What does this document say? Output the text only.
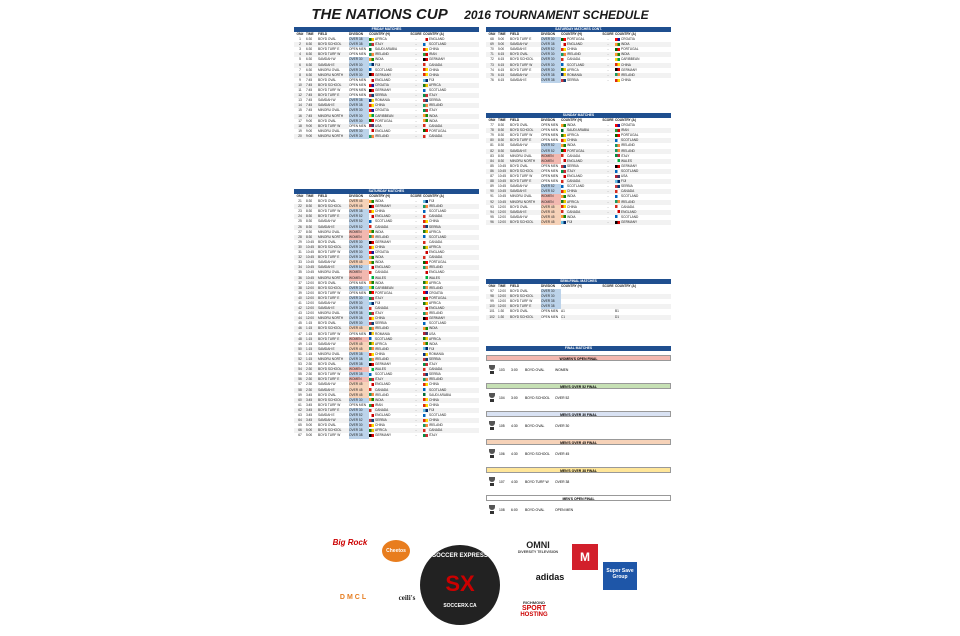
THE NATIONS CUP 2016 TOURNAMENT SCHEDULE
FRIDAY MATCHES
GM# TIME	FIELD	DIVISION	COUNTRY (H)	SCORE COUNTRY (A)
1	6:30	BOYD OVAL	OVER 38	AFRICA	-	ENGLAND
2	6:30	BOYD SCHOOL	OVER 38	ITALY	-	SCOTLAND
3	6:30	BOYD TURF E	OPEN MEN	SAUDI ARABIA	-	CHINA
4	6:30	BOYD TURF W	OPEN MEN	IRELAND	-	IRAN
5	6:30	SAMDAH W	OVER 30	INDIA	-	GERMANY
6	6:30	SAMDAH E	OVER 30	FIJI	-	CANADA
7	6:30	MINORU OVAL	OVER 30	SCOTLAND	-	CHINA
8	6:30	MINORU NORTH	OVER 30	GERMANY	-	CHINA
9	7:45	BOYD OVAL	OPEN MEN	ENGLAND	-	FIJI
10	7:45	BOYD SCHOOL	OPEN MEN	CROATIA	-	AFRICA
11	7:45	BOYD TURF W	OPEN MEN	GERMANY	-	SCOTLAND
12	7:45	BOYD TURF E	OPEN MEN	SERBIA	-	ITALY
13	7:45	SAMDAH W	OVER 38	ROMANIA	-	SERBIA
14	7:45	SAMDAH E	OVER 38	CHINA	-	IRELAND
15	7:45	MINORU OVAL	OVER 30	CROATIA	-	ITALY
16	7:45	MINORU NORTH	OVER 30	CARIBBEAN	-	INDIA
17	9:00	BOYD OVAL	OVER 30	PORTUGAL	-	INDIA
18	9:00	BOYD TURF W	OPEN MEN	USA	-	CANADA
19	9:00	MINORU OVAL	OVER 30	ENGLAND	-	PORTUGAL
20	9:00	MINORU NORTH	OVER 30	IRELAND	-	CANADA
SATURDAY MATCHES
GM# TIME	FIELD	DIVISION	COUNTRY (H)	SCORE COUNTRY (A)
21	8:30	BOYD OVAL	OVER 45	INDIA	-	FIJI
22	8:30	BOYD SCHOOL	OVER 45	GERMANY	-	IRELAND
23	8:30	BOYD TURF W	OVER 38	CHINA	-	SCOTLAND
24	8:30	BOYD TURF E	OVER 52	ENGLAND	-	CANADA
25	8:30	SAMDAH W	OVER 52	SCOTLAND	-	CHINA
26	8:30	SAMDAH E	OVER 52	CANADA	-	SERBIA
27	8:30	MINORU OVAL	WOMEN	INDIA	-	AFRICA
28	8:30	MINORU NORTH	WOMEN	IRELAND	-	SCOTLAND
29	10:45	BOYD OVAL	OVER 30	GERMANY	-	CANADA
30	10:45	BOYD SCHOOL	OVER 30	CHINA	-	AFRICA
31	10:45	BOYD TURF W	OVER 30	CROATIA	-	ENGLAND
32	10:45	BOYD TURF E	OVER 30	INDIA	-	CANADA
33	10:45	SAMDAH W	OVER 45	INDIA	-	PORTUGAL
34	10:45	SAMDAH E	OVER 52	ENGLAND	-	IRELAND
35	10:45	MINORU OVAL	WOMEN	CANADA	-	ENGLAND
36	10:45	MINORU NORTH	WOMEN	WALES	-	WALES
37	12:00	BOYD OVAL	OPEN MEN	INDIA	-	AFRICA
38	12:00	BOYD SCHOOL	OVER 30	CARIBBEAN	-	IRELAND
39	12:00	BOYD TURF W	OPEN MEN	PORTUGAL	-	CROATIA
40	12:00	BOYD TURF E	OVER 30	ITALY	-	PORTUGAL
41	12:00	SAMDAH W	OVER 30	FIJI	-	AFRICA
42	12:00	SAMDAH E	OVER 38	CANADA	-	ENGLAND
43	12:00	MINORU OVAL	OVER 38	ITALY	-	IRELAND
44	12:00	MINORU NORTH	OVER 38	CHINA	-	GERMANY
45	1:15	BOYD OVAL	OVER 30	SERBIA	-	SCOTLAND
46	1:15	BOYD SCHOOL	OVER 45	IRELAND	-	INDIA
47	1:15	BOYD TURF W	OPEN MEN	ROMANIA	-	USA
48	1:15	BOYD TURF E	WOMEN	SCOTLAND	-	AFRICA
49	1:15	SAMDAH W	OVER 45	AFRICA	-	INDIA
50	1:15	SAMDAH E	OVER 45	IRELAND	-	FIJI
51	1:15	MINORU OVAL	OVER 38	CHINA	-	ROMANIA
52	1:15	MINORU NORTH	OVER 38	IRELAND	-	SERBIA
53	2:30	BOYD OVAL	OVER 38	GERMANY	-	ITALY
54	2:30	BOYD SCHOOL	WOMEN	WALES	-	CANADA
55	2:30	BOYD TURF W	OVER 38	SCOTLAND	-	SERBIA
56	2:30	BOYD TURF E	WOMEN	ITALY	-	IRELAND
57	2:30	SAMDAH W	OVER 45	ENGLAND	-	CHINA
58	2:30	SAMDAH E	OVER 45	CANADA	-	SCOTLAND
59	3:45	BOYD OVAL	OVER 45	IRELAND	-	SAUDI ARABIA
60	3:45	BOYD SCHOOL	OVER 30	INDIA	-	CHINA
61	3:45	BOYD TURF W	OPEN MEN	IRAN	-	CHINA
62	3:45	BOYD TURF E	OVER 30	CANADA	-	FIJI
63	3:45	SAMDAH E	OVER 52	ENGLAND	-	SCOTLAND
64	3:45	SAMDAH W	OVER 52	SERBIA	-	CHINA
65	5:00	BOYD OVAL	OVER 30	CHINA	-	IRELAND
66	5:00	BOYD SCHOOL	OVER 38	AFRICA	-	CANADA
67	5:00	BOYD TURF W	OVER 38	GERMANY	-	ITALY
SATURDAY MATCHES CONT.
GM# TIME	FIELD	DIVISION	COUNTRY (H)	SCORE COUNTRY (A)
68	5:00	BOYD TURF E	OVER 30	PORTUGAL	-	CROATIA
69	5:00	SAMDAH W	OVER 38	ENGLAND	-	INDIA
70	5:00	SAMDAH E	OVER 52	CHINA	-	PORTUGAL
71	6:15	BOYD OVAL	OVER 30	IRELAND	-	INDIA
72	6:15	BOYD SCHOOL	OVER 30	CANADA	-	CARIBBEAN
73	6:15	BOYD TURF W	OVER 30	SCOTLAND	-	CHINA
74	6:15	BOYD TURF E	OVER 30	AFRICA	-	GERMANY
75	6:15	SAMDAH W	OVER 38	ROMANIA	-	IRELAND
76	6:15	SAMDAH E	OVER 38	SERBIA	-	CHINA
SUNDAY MATCHES
GM# TIME	FIELD	DIVISION	COUNTRY (H)	SCORE COUNTRY (A)
77	8:30	BOYD OVAL	OPEN MEN	INDIA	-	CROATIA
78	8:30	BOYD SCHOOL	OPEN MEN	SAUDI ARABIA	-	IRAN
79	8:30	BOYD TURF W	OPEN MEN	AFRICA	-	PORTUGAL
80	8:30	BOYD TURF E	OPEN MEN	CHINA	-	SCOTLAND
81	8:30	SAMDAH W	OVER 52	INDIA	-	IRELAND
82	8:30	SAMDAH E	OVER 52	PORTUGAL	-	IRELAND
83	8:30	MINORU OVAL	WOMEN	CANADA	-	ITALY
84	8:30	MINORU NORTH	WOMEN	ENGLAND	-	WALES
85	10:45	BOYD OVAL	OPEN MEN	SERBIA	-	GERMANY
86	10:45	BOYD SCHOOL	OPEN MEN	ITALY	-	SCOTLAND
87	10:45	BOYD TURF W	OPEN MEN	ENGLAND	-	USA
88	10:45	BOYD TURF E	OPEN MEN	CANADA	-	FIJI
89	10:45	SAMDAH W	OVER 52	SCOTLAND	-	SERBIA
90	10:45	SAMDAH E	OVER 52	CHINA	-	CANADA
91	10:45	MINORU OVAL	WOMEN	INDIA	-	SCOTLAND
92	10:45	MINORU NORTH	WOMEN	AFRICA	-	IRELAND
93	12:00	BOYD OVAL	OVER 45	CHINA	-	CANADA
94	12:00	SAMDAH E	OVER 45	CANADA	-	ENGLAND
95	12:00	SAMDAH W	OVER 45	INDIA	-	SCOTLAND
96	12:00	BOYD SCHOOL	OVER 45	FIJI	-	GERMANY
SEMI-FINAL MATCHES
GM# TIME	FIELD	DIVISION	COUNTRY (H)	SCORE COUNTRY (A)
97	12:00	BOYD OVAL	OVER 30
98	12:00	BOYD SCHOOL	OVER 30
99	12:00	BOYD TURF W	OVER 38
100	12:00	BOYD TURF E	OVER 38
101	1:30	BOYD OVAL	OPEN MEN A1	B1
102	1:30	BOYD SCHOOL	OPEN MEN C1	D1
FINAL MATCHES
WOMEN'S OPEN FINAL
103	3:00	BOYD OVAL	WOMEN
MEN'S OVER 52 FINAL
104	3:00	BOYD SCHOOL	OVER 52
MEN'S OVER 30 FINAL
105	4:30	BOYD OVAL	OVER 30
MEN'S OVER 45 FINAL
106	4:30	BOYD SCHOOL	OVER 45
MEN'S OVER 38 FINAL
107	4:30	BOYD TURF W	OVER 38
MEN'S OPEN FINAL
108	6:00	BOYD OVAL	OPEN MEN
Big Rock
Cheetos
SOCCER EXPRESS
SX
SOCCERX.CA
OMNI
DIVERSITY TELEVISION	M
adidas
Super Save
Group
DMCL	ceili's
RICHMOND
SPORT
HOSTING
